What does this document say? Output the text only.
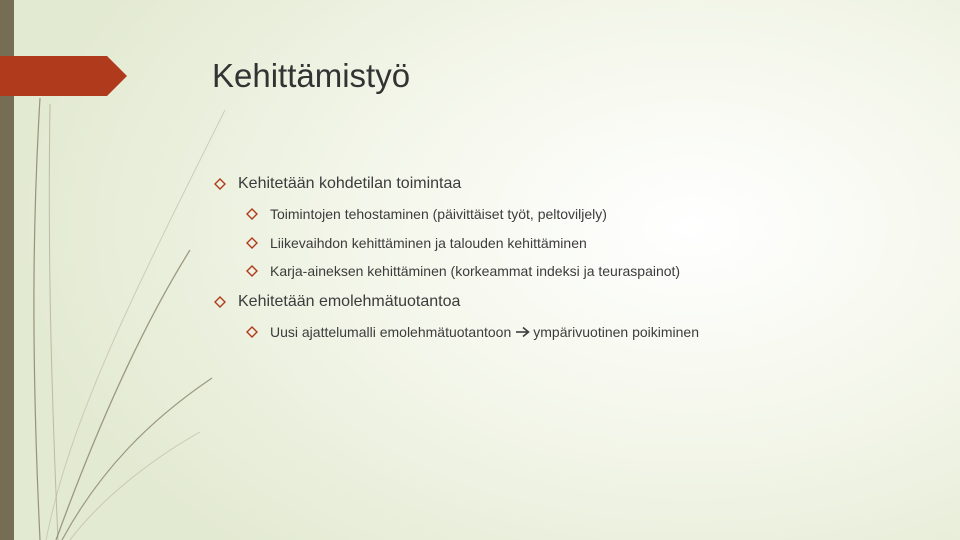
Kehittämistyö
Kehitetään kohdetilan toimintaa
Toimintojen tehostaminen (päivittäiset työt, peltoviljely)
Liikevaihdon kehittäminen ja talouden kehittäminen
Karja-aineksen kehittäminen (korkeammat indeksi ja teuraspainot)
Kehitetään emolehmätuotantoa
Uusi ajattelumalli emolehmätuotantoon ympärivuotinen poikiminen
